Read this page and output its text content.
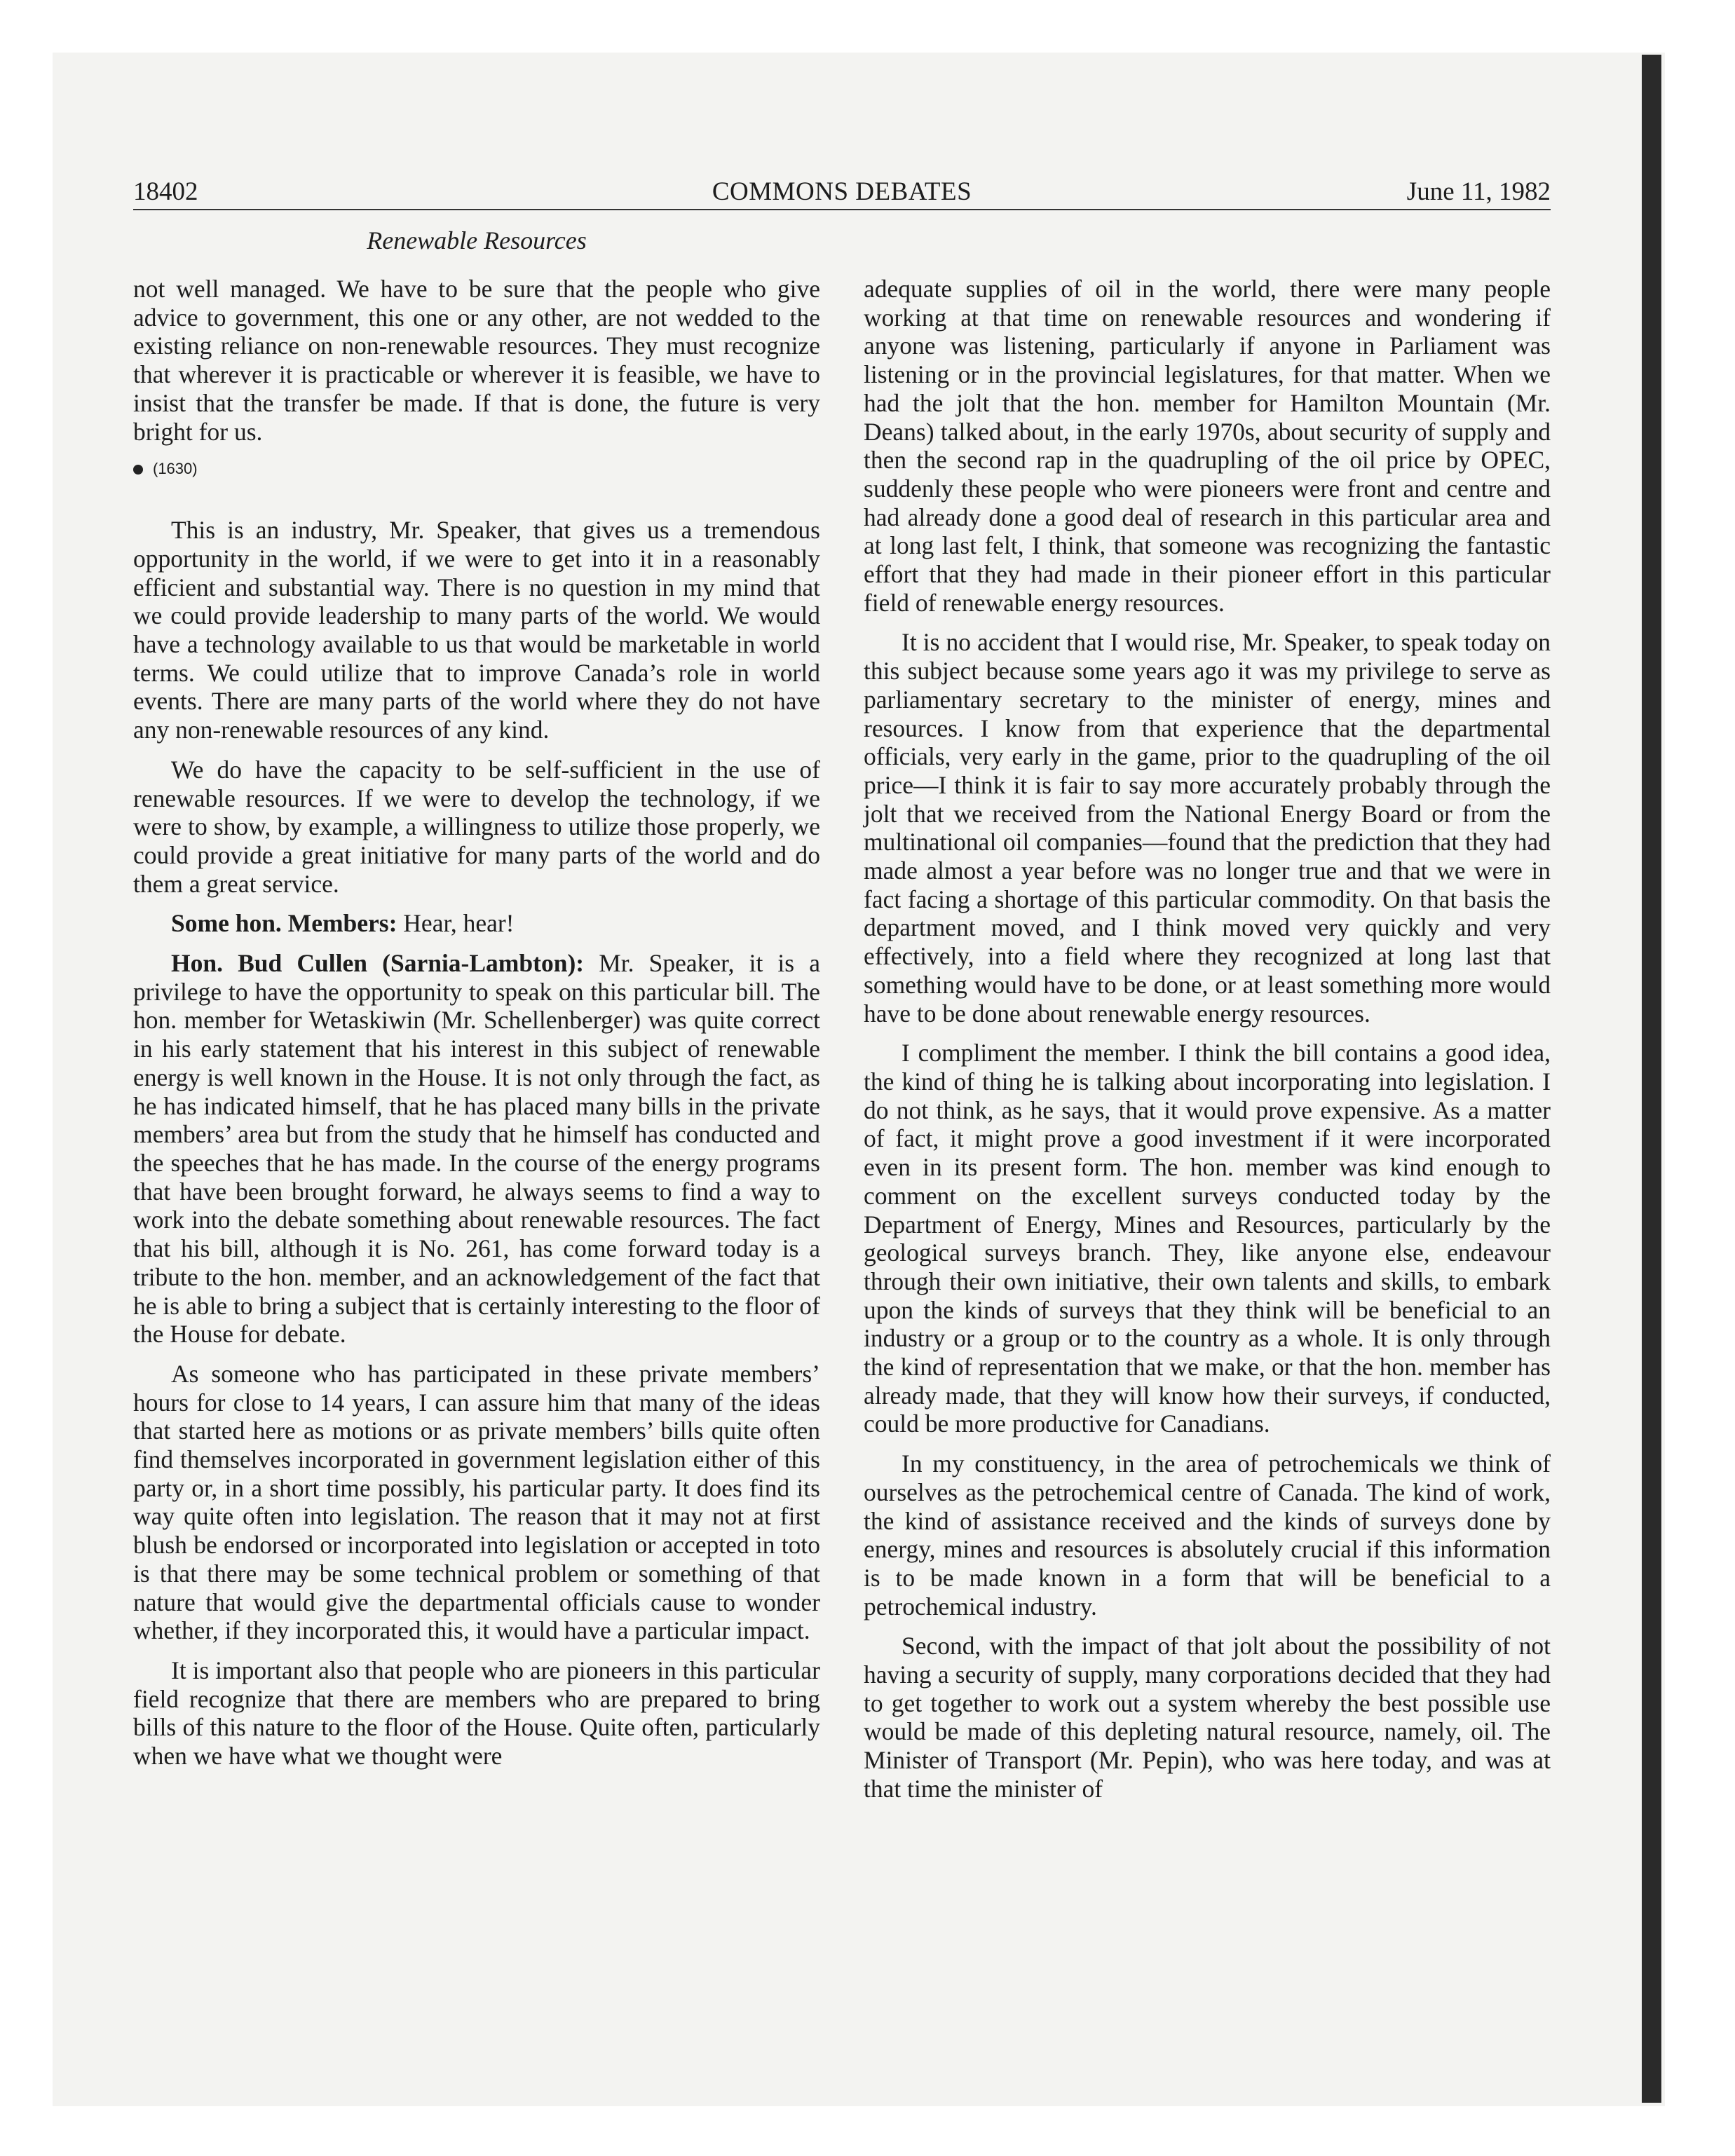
18402	COMMONS DEBATES	June 11, 1982
Renewable Resources

not well managed. We have to be sure that the people who give advice to government, this one or any other, are not wedded to the existing reliance on non-renewable resources. They must recognize that wherever it is practicable or wherever it is feasible, we have to insist that the transfer be made. If that is done, the future is very bright for us.

(1630)

This is an industry, Mr. Speaker, that gives us a tremendous opportunity in the world, if we were to get into it in a reasonably efficient and substantial way. There is no question in my mind that we could provide leadership to many parts of the world. We would have a technology available to us that would be marketable in world terms. We could utilize that to improve Canada’s role in world events. There are many parts of the world where they do not have any non-renewable resources of any kind.

We do have the capacity to be self-sufficient in the use of renewable resources. If we were to develop the technology, if we were to show, by example, a willingness to utilize those properly, we could provide a great initiative for many parts of the world and do them a great service.

Some hon. Members: Hear, hear!

Hon. Bud Cullen (Sarnia-Lambton): Mr. Speaker, it is a privilege to have the opportunity to speak on this particular bill. The hon. member for Wetaskiwin (Mr. Schellenberger) was quite correct in his early statement that his interest in this subject of renewable energy is well known in the House. It is not only through the fact, as he has indicated himself, that he has placed many bills in the private members’ area but from the study that he himself has conducted and the speeches that he has made. In the course of the energy programs that have been brought forward, he always seems to find a way to work into the debate something about renewable resources. The fact that his bill, although it is No. 261, has come forward today is a tribute to the hon. member, and an acknowledgement of the fact that he is able to bring a subject that is certainly interesting to the floor of the House for debate.

As someone who has participated in these private members’ hours for close to 14 years, I can assure him that many of the ideas that started here as motions or as private members’ bills quite often find themselves incorporated in government legislation either of this party or, in a short time possibly, his particular party. It does find its way quite often into legislation. The reason that it may not at first blush be endorsed or incorporated into legislation or accepted in toto is that there may be some technical problem or something of that nature that would give the departmental officials cause to wonder whether, if they incorporated this, it would have a particular impact.

It is important also that people who are pioneers in this particular field recognize that there are members who are prepared to bring bills of this nature to the floor of the House. Quite often, particularly when we have what we thought were

adequate supplies of oil in the world, there were many people working at that time on renewable resources and wondering if anyone was listening, particularly if anyone in Parliament was listening or in the provincial legislatures, for that matter. When we had the jolt that the hon. member for Hamilton Mountain (Mr. Deans) talked about, in the early 1970s, about security of supply and then the second rap in the quadrupling of the oil price by OPEC, suddenly these people who were pioneers were front and centre and had already done a good deal of research in this particular area and at long last felt, I think, that someone was recognizing the fantastic effort that they had made in their pioneer effort in this particular field of renewable energy resources.

It is no accident that I would rise, Mr. Speaker, to speak today on this subject because some years ago it was my privilege to serve as parliamentary secretary to the minister of energy, mines and resources. I know from that experience that the departmental officials, very early in the game, prior to the quadrupling of the oil price—I think it is fair to say more accurately probably through the jolt that we received from the National Energy Board or from the multinational oil companies—found that the prediction that they had made almost a year before was no longer true and that we were in fact facing a shortage of this particular commodity. On that basis the department moved, and I think moved very quickly and very effectively, into a field where they recognized at long last that something would have to be done, or at least something more would have to be done about renewable energy resources.

I compliment the member. I think the bill contains a good idea, the kind of thing he is talking about incorporating into legislation. I do not think, as he says, that it would prove expensive. As a matter of fact, it might prove a good investment if it were incorporated even in its present form. The hon. member was kind enough to comment on the excellent surveys conducted today by the Department of Energy, Mines and Resources, particularly by the geological surveys branch. They, like anyone else, endeavour through their own initiative, their own talents and skills, to embark upon the kinds of surveys that they think will be beneficial to an industry or a group or to the country as a whole. It is only through the kind of representation that we make, or that the hon. member has already made, that they will know how their surveys, if conducted, could be more productive for Canadians.

In my constituency, in the area of petrochemicals we think of ourselves as the petrochemical centre of Canada. The kind of work, the kind of assistance received and the kinds of surveys done by energy, mines and resources is absolutely crucial if this information is to be made known in a form that will be beneficial to a petrochemical industry.

Second, with the impact of that jolt about the possibility of not having a security of supply, many corporations decided that they had to get together to work out a system whereby the best possible use would be made of this depleting natural resource, namely, oil. The Minister of Transport (Mr. Pepin), who was here today, and was at that time the minister of
